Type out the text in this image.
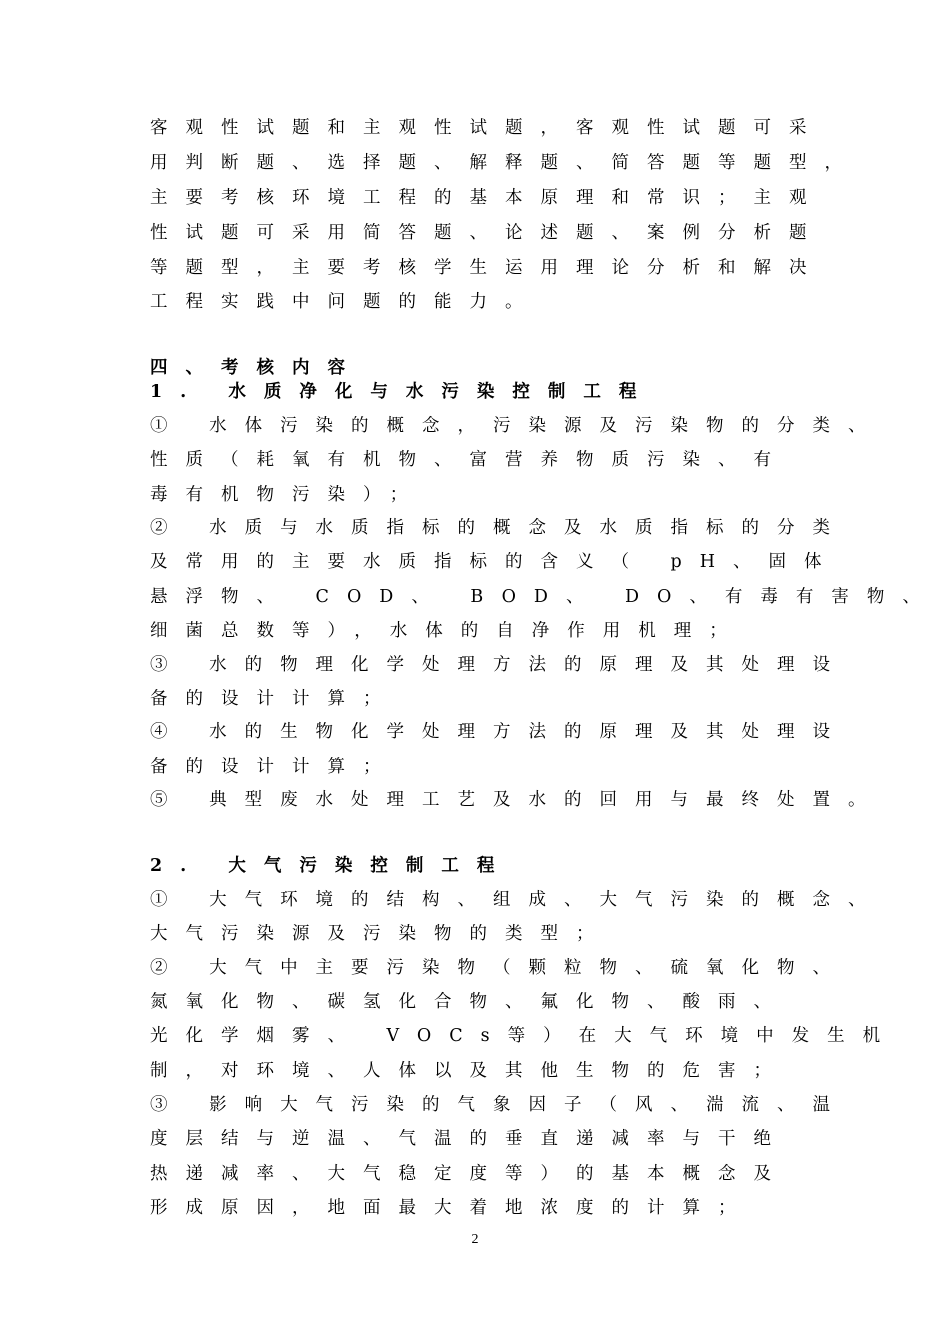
客观性试题和主观性试题，客观性试题可采
用判断题、选择题、解释题、简答题等题型，
主要考核环境工程的基本原理和常识；主观
性试题可采用简答题、论述题、案例分析题
等题型，主要考核学生运用理论分析和解决
工程实践中问题的能力。
四、考核内容
1. 水质净化与水污染控制工程
① 水体污染的概念，污染源及污染物的分类、
性质（耗氧有机物、富营养物质污染、有
毒有机物污染）；
② 水质与水质指标的概念及水质指标的分类
及常用的主要水质指标的含义（ pH、固体
悬浮物、 COD、 BOD、 DO、有毒有害物、
细菌总数等），水体的自净作用机理；
③ 水的物理化学处理方法的原理及其处理设
备的设计计算；
④ 水的生物化学处理方法的原理及其处理设
备的设计计算；
⑤ 典型废水处理工艺及水的回用与最终处置。
2. 大气污染控制工程
① 大气环境的结构、组成、大气污染的概念、
大气污染源及污染物的类型；
② 大气中主要污染物（颗粒物、硫氧化物、
氮氧化物、碳氢化合物、氟化物、酸雨、
光化学烟雾、 VOCs等）在大气环境中发生机
制，对环境、人体以及其他生物的危害；
③ 影响大气污染的气象因子（风、湍流、温
度层结与逆温、气温的垂直递减率与干绝
热递减率、大气稳定度等）的基本概念及
形成原因，地面最大着地浓度的计算；
2
